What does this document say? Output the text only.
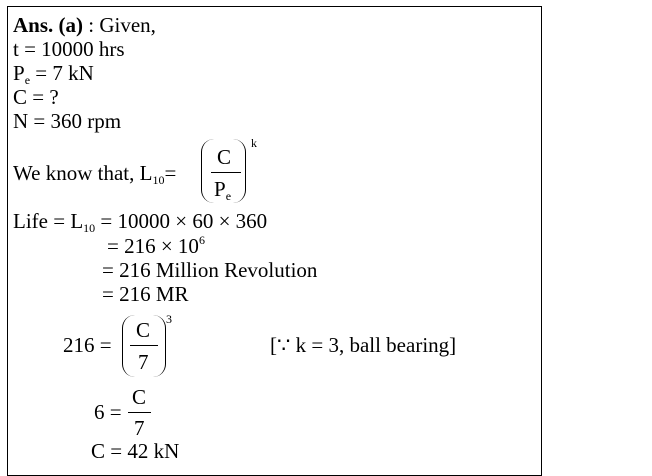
Ans. (a) : Given,
t = 10000 hrs
$P_e = 7$ kN
C = ?
N = 360 rpm
We know that, $L_{10}=$
C
$P_e$
k
Life = $L_{10} = 10000 \times 60 \times 360$
= $216 \times 10^6$
= 216 Million Revolution
= 216 MR
216 =
C
7
3
[∵ k = 3, ball bearing]
6 =
C
7
C = 42 kN
